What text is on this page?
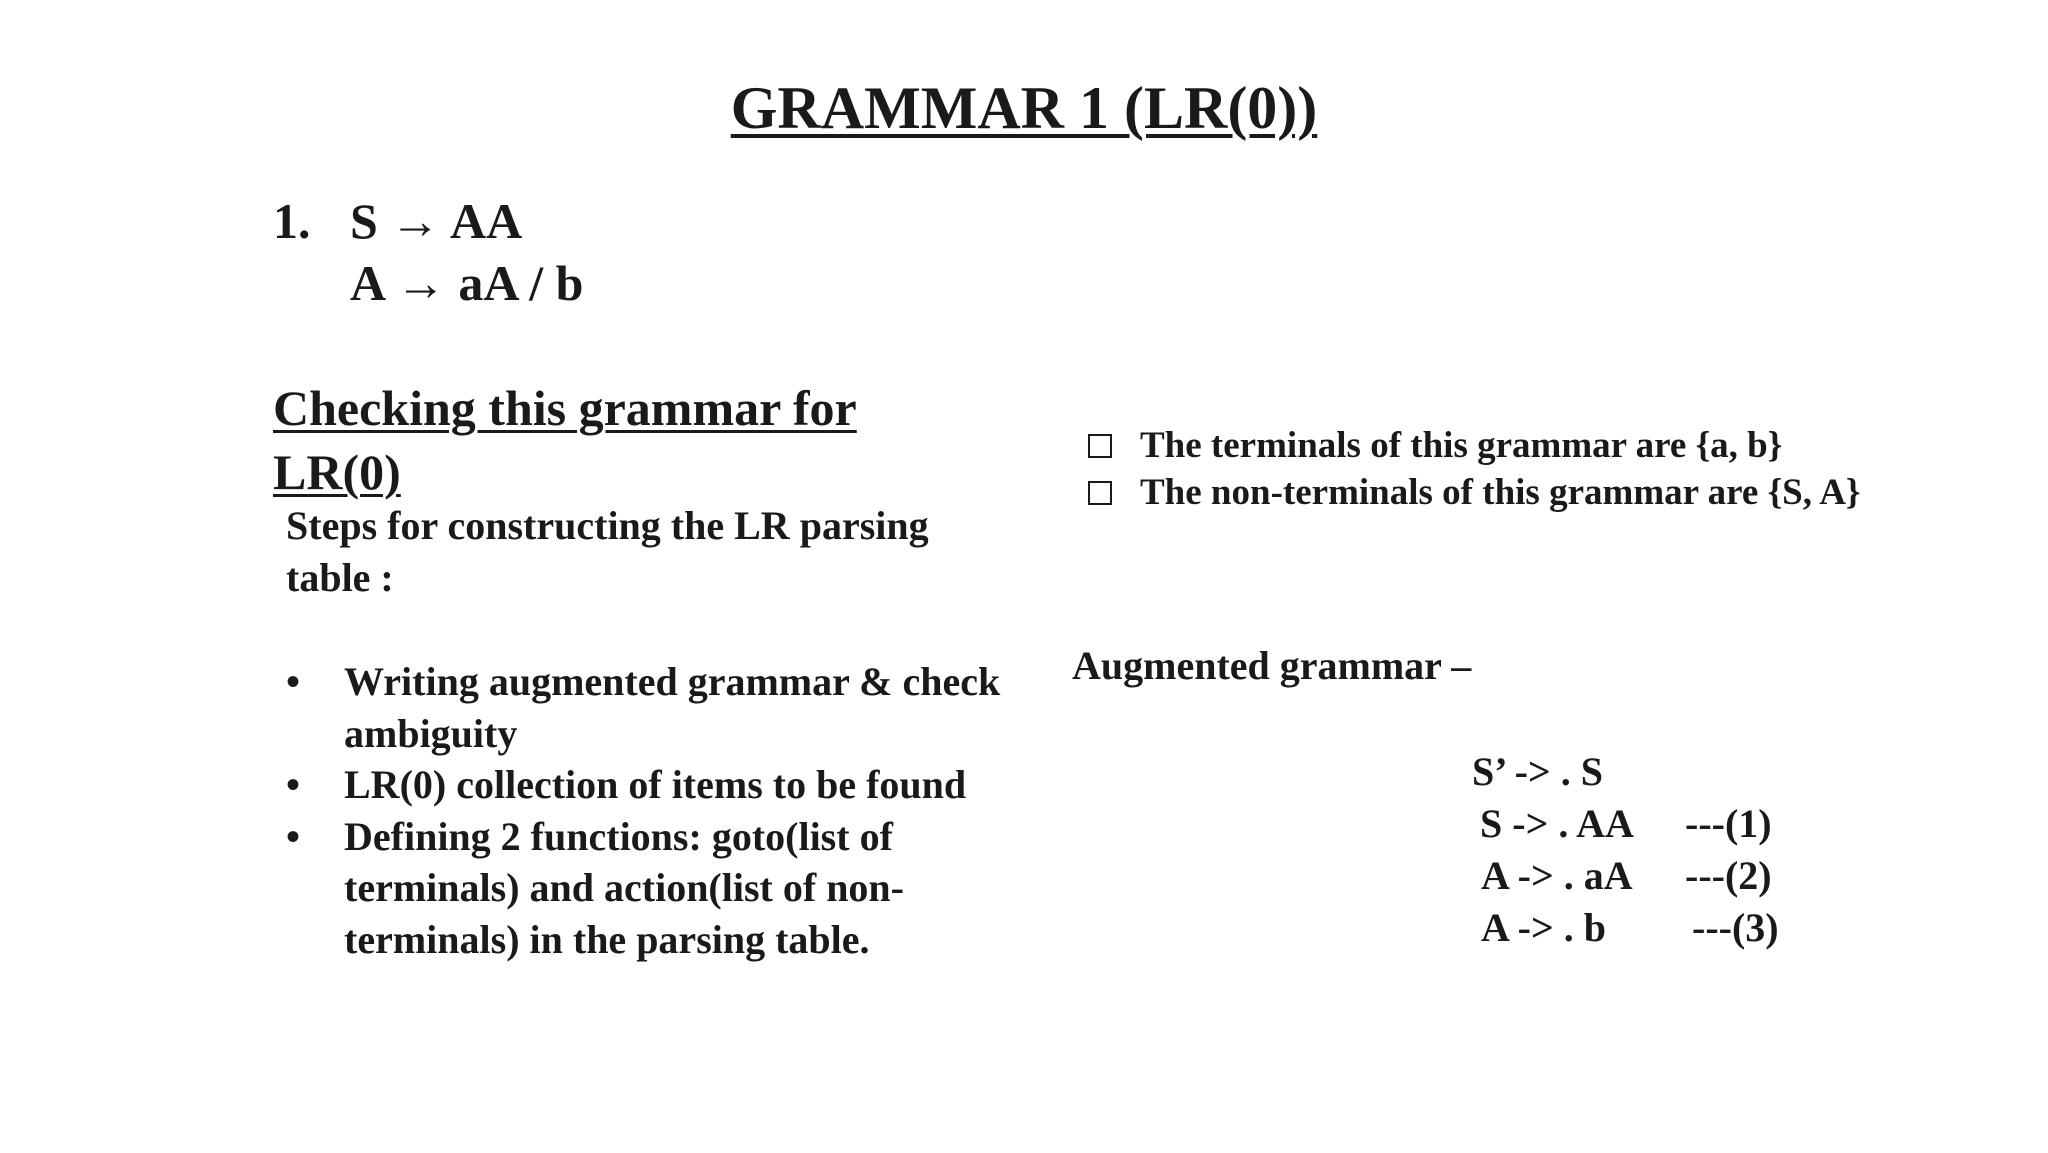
GRAMMAR 1 (LR(0))
1. S → AA
A → aA / b
Checking this grammar for LR(0)
Steps for constructing the LR parsing table :
• Writing augmented grammar & check ambiguity
• LR(0) collection of items to be found
• Defining 2 functions: goto(list of terminals) and action(list of non-terminals) in the parsing table.
The terminals of this grammar are {a, b}
The non-terminals of this grammar are {S, A}
Augmented grammar –
S’ -> . S
S -> . AA
A -> . aA
A -> . b
---(1)
---(2)
---(3)
